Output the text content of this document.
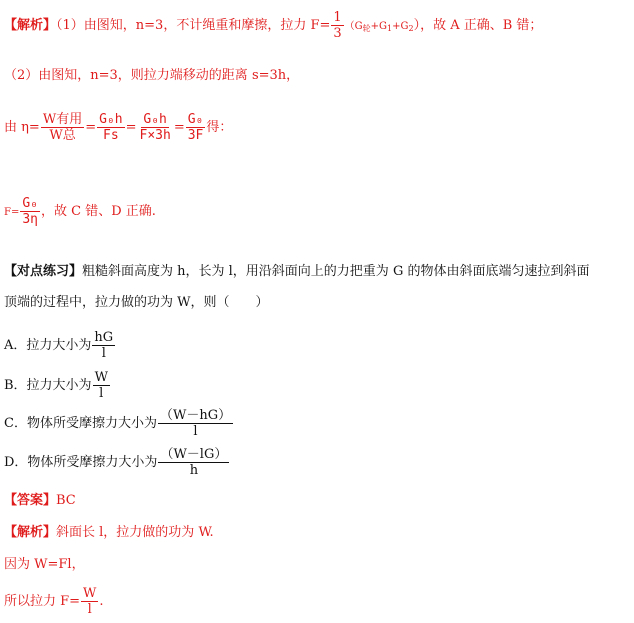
【解析】（1）由图知，n=3，不计绳重和摩擦，拉力 $F= \frac{1}{3} (G_轮+G_1+G_2)$，故 A 正确、B 错；
（2）由图知，n=3，则拉力端移动的距离 s=3h，
由 $\eta= \frac{\text{W有用}}{\text{W总}} = \frac{\text{G₀h}}{Fs} = \frac{\text{G₀h}}{F\times 3h} = \frac{\text{G₀}}{3F}$ 得：
$F= \frac{\text{G₀}}{3\eta}$ ，故 C 错、D 正确.
【对点练习】粗糙斜面高度为 h，长为 l，用沿斜面向上的力把重为 G 的物体由斜面底端匀速拉到斜面
顶端的过程中，拉力做的功为 W，则（　　）
A．拉力大小为 $\frac{hG}{l}$
B．拉力大小为 $\frac{W}{l}$
C．物体所受摩擦力大小为 $\frac{(W-hG)}{l}$
D．物体所受摩擦力大小为 $\frac{(W-lG)}{h}$
【答案】BC
【解析】斜面长 l，拉力做的功为 W.
因为 W=Fl，
所以拉力 $F= \frac{W}{l}$ .
